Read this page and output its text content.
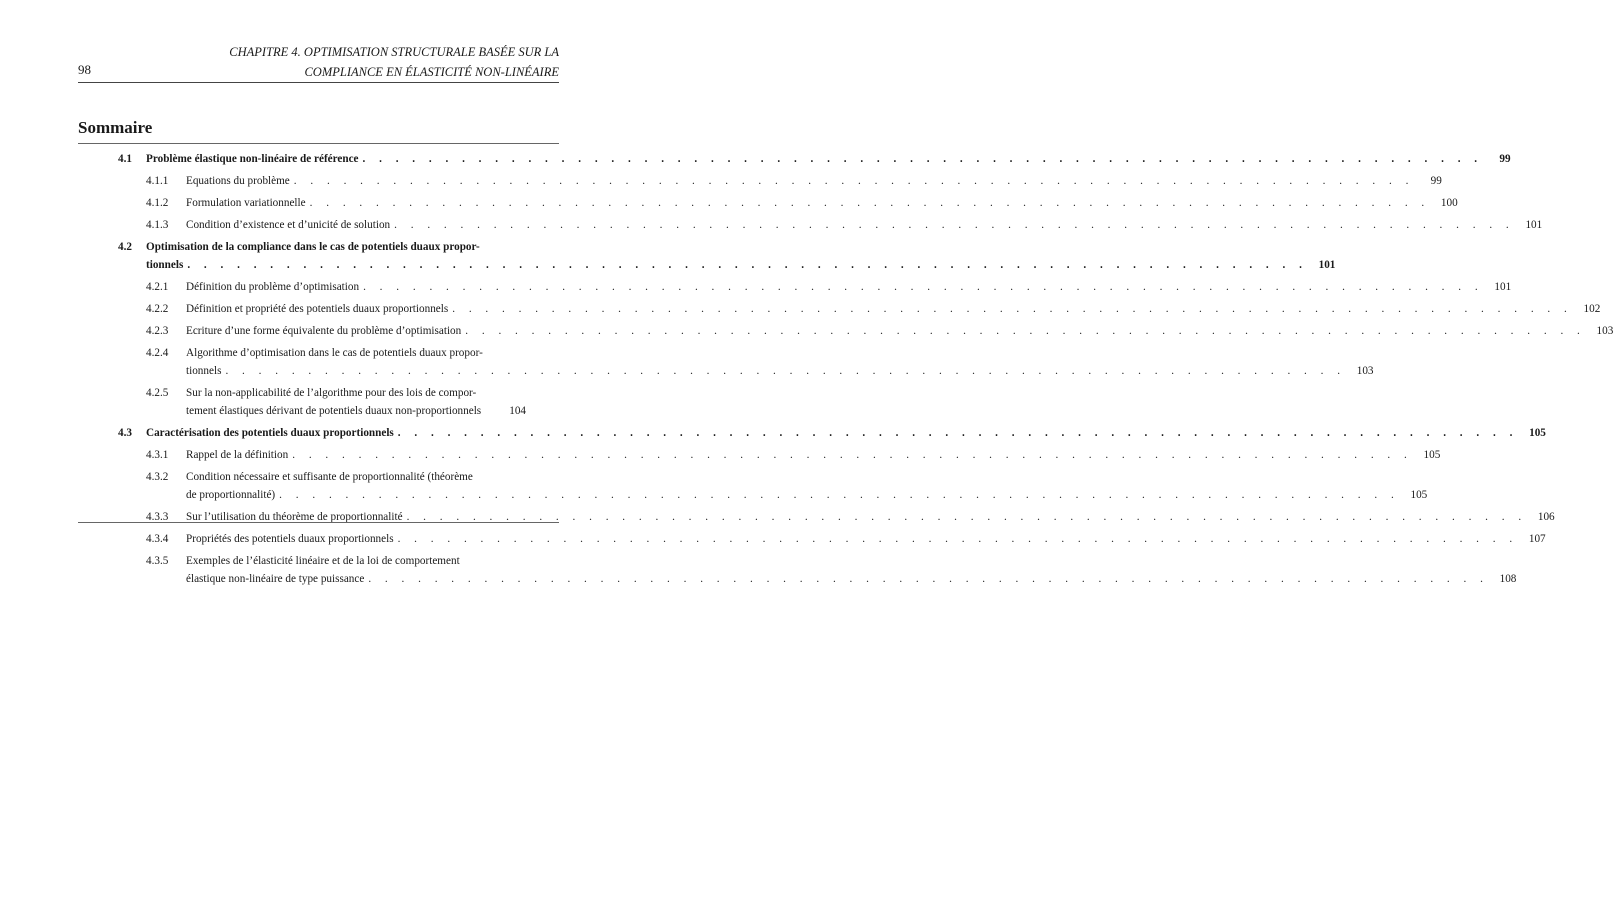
98
CHAPITRE 4. OPTIMISATION STRUCTURALE BASÉE SUR LA
COMPLIANCE EN ÉLASTICITÉ NON-LINÉAIRE
Sommaire
4.1	Problème élastique non-linéaire de référence . . . . . . . . . . . . . . . . . . . . . . . . . . . . . . . . . . . . . . . . . . . . . . . . . . . . . . . . . . . . . . . . . . . .	99
4.1.1	Equations du problème . . . . . . . . . . . . . . . . . . . . . . . . . . . . . . . . . . . . . . . . . . . . . . . . . . . . . . . . . . . . . . . . . . . .	99
4.1.2	Formulation variationnelle . . . . . . . . . . . . . . . . . . . . . . . . . . . . . . . . . . . . . . . . . . . . . . . . . . . . . . . . . . . . . . . . . . . .	100
4.1.3	Condition d’existence et d’unicité de solution . . . . . . . . . . . . . . . . . . . . . . . . . . . . . . . . . . . . . . . . . . . . . . . . . . . . . . . . . . . . . . . . . . . .	101
4.2	Optimisation de la compliance dans le cas de potentiels duaux propor-
tionnels . . . . . . . . . . . . . . . . . . . . . . . . . . . . . . . . . . . . . . . . . . . . . . . . . . . . . . . . . . . . . . . . . . . .	101
4.2.1	Définition du problème d’optimisation . . . . . . . . . . . . . . . . . . . . . . . . . . . . . . . . . . . . . . . . . . . . . . . . . . . . . . . . . . . . . . . . . . . .	101
4.2.2	Définition et propriété des potentiels duaux proportionnels . . . . . . . . . . . . . . . . . . . . . . . . . . . . . . . . . . . . . . . . . . . . . . . . . . . . . . . . . . . . . . . . . . . .	102
4.2.3	Ecriture d’une forme équivalente du problème d’optimisation . . . . . . . . . . . . . . . . . . . . . . . . . . . . . . . . . . . . . . . . . . . . . . . . . . . . . . . . . . . . . . . . . . . .	103
4.2.4	Algorithme d’optimisation dans le cas de potentiels duaux propor-
tionnels . . . . . . . . . . . . . . . . . . . . . . . . . . . . . . . . . . . . . . . . . . . . . . . . . . . . . . . . . . . . . . . . . . . .	103
4.2.5	Sur la non-applicabilité de l’algorithme pour des lois de compor-
tement élastiques dérivant de potentiels duaux non-proportionnels	104
4.3	Caractérisation des potentiels duaux proportionnels . . . . . . . . . . . . . . . . . . . . . . . . . . . . . . . . . . . . . . . . . . . . . . . . . . . . . . . . . . . . . . . . . . . .	105
4.3.1	Rappel de la définition . . . . . . . . . . . . . . . . . . . . . . . . . . . . . . . . . . . . . . . . . . . . . . . . . . . . . . . . . . . . . . . . . . . .	105
4.3.2	Condition nécessaire et suffisante de proportionnalité (théorème
de proportionnalité) . . . . . . . . . . . . . . . . . . . . . . . . . . . . . . . . . . . . . . . . . . . . . . . . . . . . . . . . . . . . . . . . . . . .	105
4.3.3	Sur l’utilisation du théorème de proportionnalité . . . . . . . . . . . . . . . . . . . . . . . . . . . . . . . . . . . . . . . . . . . . . . . . . . . . . . . . . . . . . . . . . . . .	106
4.3.4	Propriétés des potentiels duaux proportionnels . . . . . . . . . . . . . . . . . . . . . . . . . . . . . . . . . . . . . . . . . . . . . . . . . . . . . . . . . . . . . . . . . . . .	107
4.3.5	Exemples de l’élasticité linéaire et de la loi de comportement
élastique non-linéaire de type puissance . . . . . . . . . . . . . . . . . . . . . . . . . . . . . . . . . . . . . . . . . . . . . . . . . . . . . . . . . . . . . . . . . . . .	108
